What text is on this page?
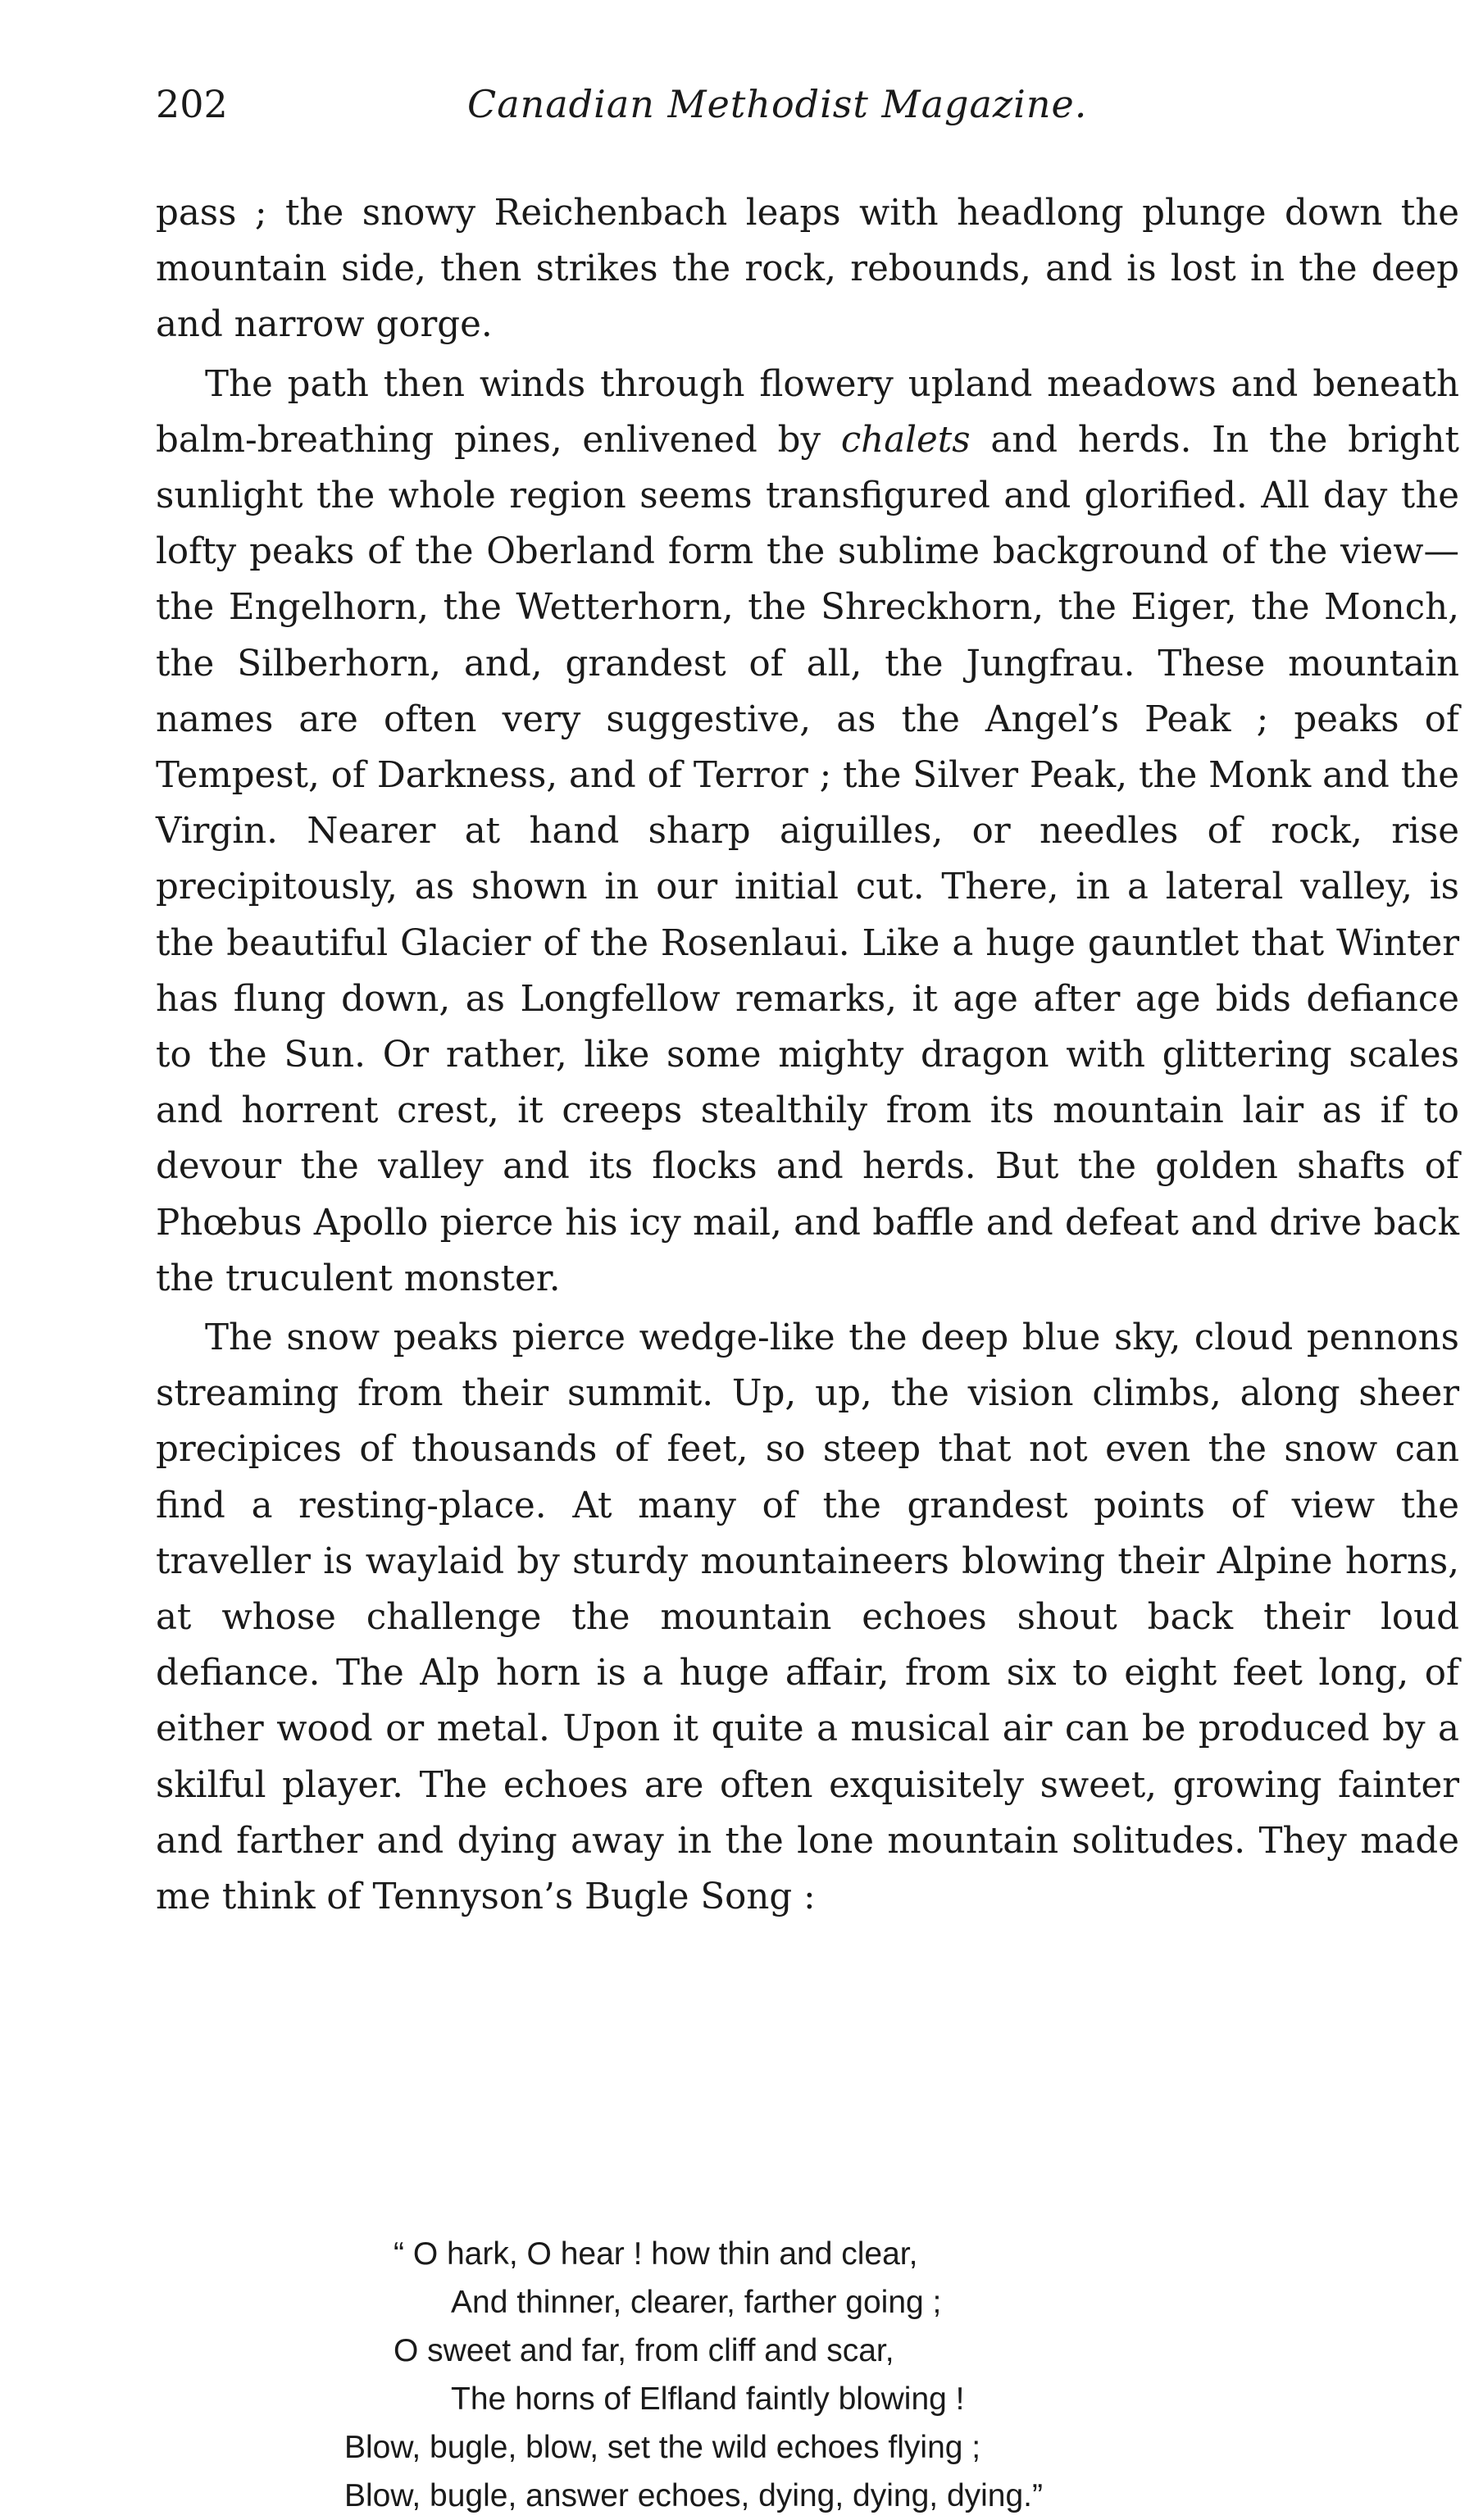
202	Canadian Methodist Magazine.

pass ; the snowy Reichenbach leaps with headlong plunge down the mountain side, then strikes the rock, rebounds, and is lost in the deep and narrow gorge.

The path then winds through flowery upland meadows and beneath balm-breathing pines, enlivened by chalets and herds. In the bright sunlight the whole region seems transfigured and glorified. All day the lofty peaks of the Oberland form the sublime background of the view—the Engelhorn, the Wetterhorn, the Shreckhorn, the Eiger, the Monch, the Silberhorn, and, grandest of all, the Jungfrau. These mountain names are often very suggestive, as the Angel’s Peak ; peaks of Tempest, of Darkness, and of Terror ; the Silver Peak, the Monk and the Virgin. Nearer at hand sharp aiguilles, or needles of rock, rise precipitously, as shown in our initial cut. There, in a lateral valley, is the beautiful Glacier of the Rosenlaui. Like a huge gauntlet that Winter has flung down, as Longfellow remarks, it age after age bids defiance to the Sun. Or rather, like some mighty dragon with glittering scales and horrent crest, it creeps stealthily from its mountain lair as if to devour the valley and its flocks and herds. But the golden shafts of Phœbus Apollo pierce his icy mail, and baffle and defeat and drive back the truculent monster.

The snow peaks pierce wedge-like the deep blue sky, cloud pennons streaming from their summit. Up, up, the vision climbs, along sheer precipices of thousands of feet, so steep that not even the snow can find a resting-place. At many of the grandest points of view the traveller is waylaid by sturdy mountaineers blowing their Alpine horns, at whose challenge the mountain echoes shout back their loud defiance. The Alp horn is a huge affair, from six to eight feet long, of either wood or metal. Upon it quite a musical air can be produced by a skilful player. The echoes are often exquisitely sweet, growing fainter and farther and dying away in the lone mountain solitudes. They made me think of Tennyson’s Bugle Song :

“ O hark, O hear ! how thin and clear,
And thinner, clearer, farther going ;
O sweet and far, from cliff and scar,
The horns of Elfland faintly blowing !
Blow, bugle, blow, set the wild echoes flying ;
Blow, bugle, answer echoes, dying, dying, dying.”
